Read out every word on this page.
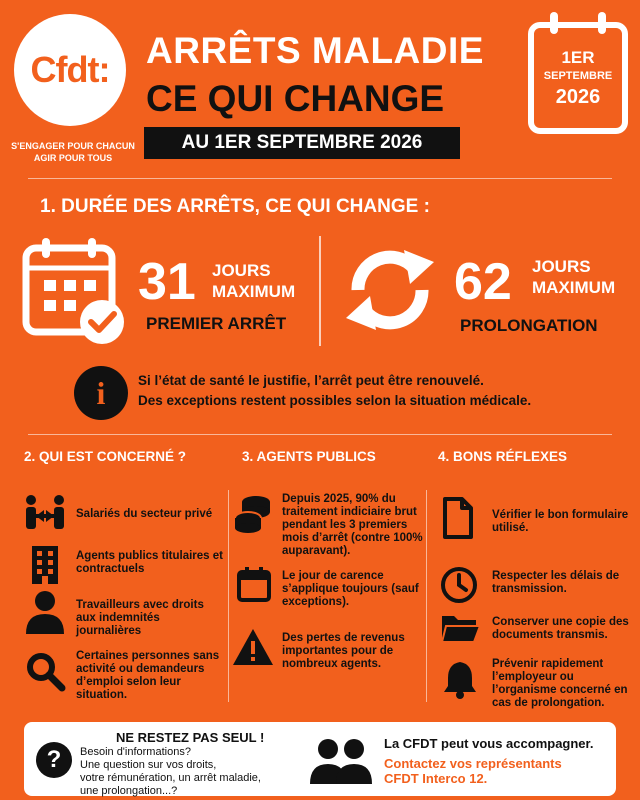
Cfdt:
S'ENGAGER POUR CHACUN
AGIR POUR TOUS
ARRÊTS MALADIE
CE QUI CHANGE
AU 1ER SEPTEMBRE 2026
1ER
SEPTEMBRE
2026
1. DURÉE DES ARRÊTS, CE QUI CHANGE :
31 JOURS
MAXIMUM
PREMIER ARRÊT
62 JOURS
MAXIMUM
PROLONGATION
i	Si l’état de santé le justifie, l’arrêt peut être renouvelé.
Des exceptions restent possibles selon la situation médicale.
2. QUI EST CONCERNÉ ?	3. AGENTS PUBLICS	4. BONS RÉFLEXES
Salariés du secteur privé
Agents publics titulaires et contractuels
Travailleurs avec droits aux indemnités journalières
Certaines personnes sans activité ou demandeurs d’emploi selon leur situation.
Depuis 2025, 90% du traitement indiciaire brut pendant les 3 premiers mois d’arrêt (contre 100% auparavant).
Le jour de carence s’applique toujours (sauf exceptions).
Des pertes de revenus importantes pour de nombreux agents.
Vérifier le bon formulaire utilisé.
Respecter les délais de transmission.
Conserver une copie des documents transmis.
Prévenir rapidement l’employeur ou l’organisme concerné en cas de prolongation.
NE RESTEZ PAS SEUL !
?	Besoin d'informations?
Une question sur vos droits,
votre rémunération, un arrêt maladie,
une prolongation...?
La CFDT peut vous accompagner.
Contactez vos représentants
CFDT Interco 12.
